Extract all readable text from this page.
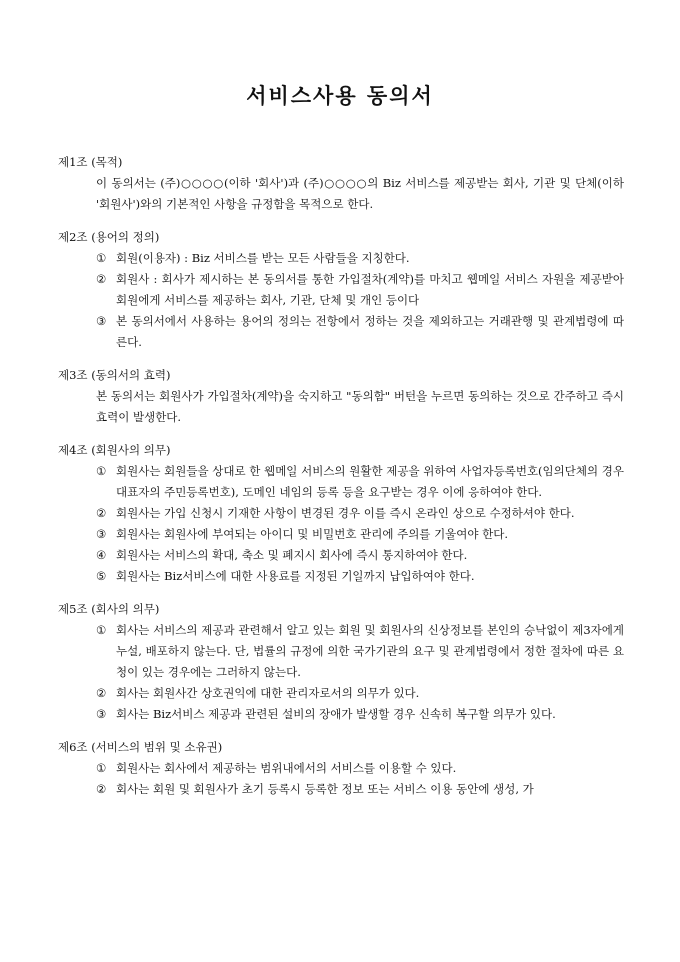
서비스사용 동의서

제1조 (목적)

이 동의서는 (주)○○○○(이하 '회사')과 (주)○○○○의 Biz 서비스를 제공받는 회사, 기관 및 단체(이하 '회원사')와의 기본적인 사항을 규정함을 목적으로 한다.

제2조 (용어의 정의)

① 회원(이용자) : Biz 서비스를 받는 모든 사람들을 지칭한다.
② 회원사 : 회사가 제시하는 본 동의서를 통한 가입절차(계약)를 마치고 웹메일 서비스 자원을 제공받아 회원에게 서비스를 제공하는 회사, 기관, 단체 및 개인 등이다
③ 본 동의서에서 사용하는 용어의 정의는 전항에서 정하는 것을 제외하고는 거래관행 및 관계법령에 따른다.

제3조 (동의서의 효력)

본 동의서는 회원사가 가입절차(계약)을 숙지하고 "동의함" 버턴을 누르면 동의하는 것으로 간주하고 즉시 효력이 발생한다.

제4조 (회원사의 의무)

① 회원사는 회원들을 상대로 한 웹메일 서비스의 원활한 제공을 위하여 사업자등록번호(임의단체의 경우 대표자의 주민등록번호), 도메인 네임의 등록 등을 요구받는 경우 이에 응하여야 한다.
② 회원사는 가입 신청시 기재한 사항이 변경된 경우 이를 즉시 온라인 상으로 수정하셔야 한다.
③ 회원사는 회원사에 부여되는 아이디 및 비밀번호 관리에 주의를 기울여야 한다.
④ 회원사는 서비스의 확대, 축소 및 폐지시 회사에 즉시 통지하여야 한다.
⑤ 회원사는 Biz서비스에 대한 사용료를 지정된 기일까지 납입하여야 한다.

제5조 (회사의 의무)

① 회사는 서비스의 제공과 관련해서 알고 있는 회원 및 회원사의 신상정보를 본인의 승낙없이 제3자에게 누설, 배포하지 않는다. 단, 법률의 규정에 의한 국가기관의 요구 및 관계법령에서 정한 절차에 따른 요청이 있는 경우에는 그러하지 않는다.
② 회사는 회원사간 상호권익에 대한 관리자로서의 의무가 있다.
③ 회사는 Biz서비스 제공과 관련된 설비의 장애가 발생할 경우 신속히 복구할 의무가 있다.

제6조 (서비스의 범위 및 소유권)

① 회원사는 회사에서 제공하는 범위내에서의 서비스를 이용할 수 있다.
② 회사는 회원 및 회원사가 초기 등록시 등록한 정보 또는 서비스 이용 동안에 생성, 가
